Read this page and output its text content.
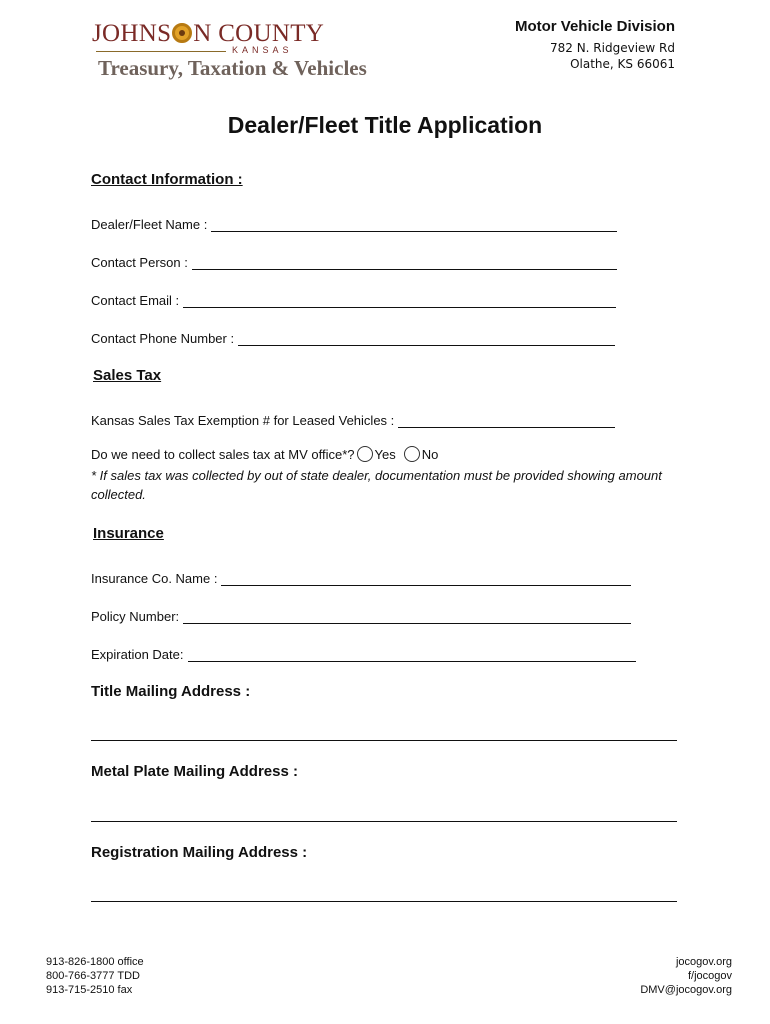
JOHNS N COUNTY
KANSAS
Treasury, Taxation & Vehicles
Motor Vehicle Division
782 N. Ridgeview Rd
Olathe, KS 66061
Dealer/Fleet Title Application
Contact Information :
Dealer/Fleet Name :
Contact Person :
Contact Email :
Contact Phone Number :
Sales Tax
Kansas Sales Tax Exemption # for Leased Vehicles :
Do we need to collect sales tax at MV office*? Yes No
* If sales tax was collected by out of state dealer, documentation must be provided showing amount collected.
Insurance
Insurance Co. Name :
Policy Number:
Expiration Date:
Title Mailing Address :
Metal Plate Mailing Address :
Registration Mailing Address :
913-826-1800 office
800-766-3777 TDD
913-715-2510 fax
jocogov.org
f/jocogov
DMV@jocogov.org
